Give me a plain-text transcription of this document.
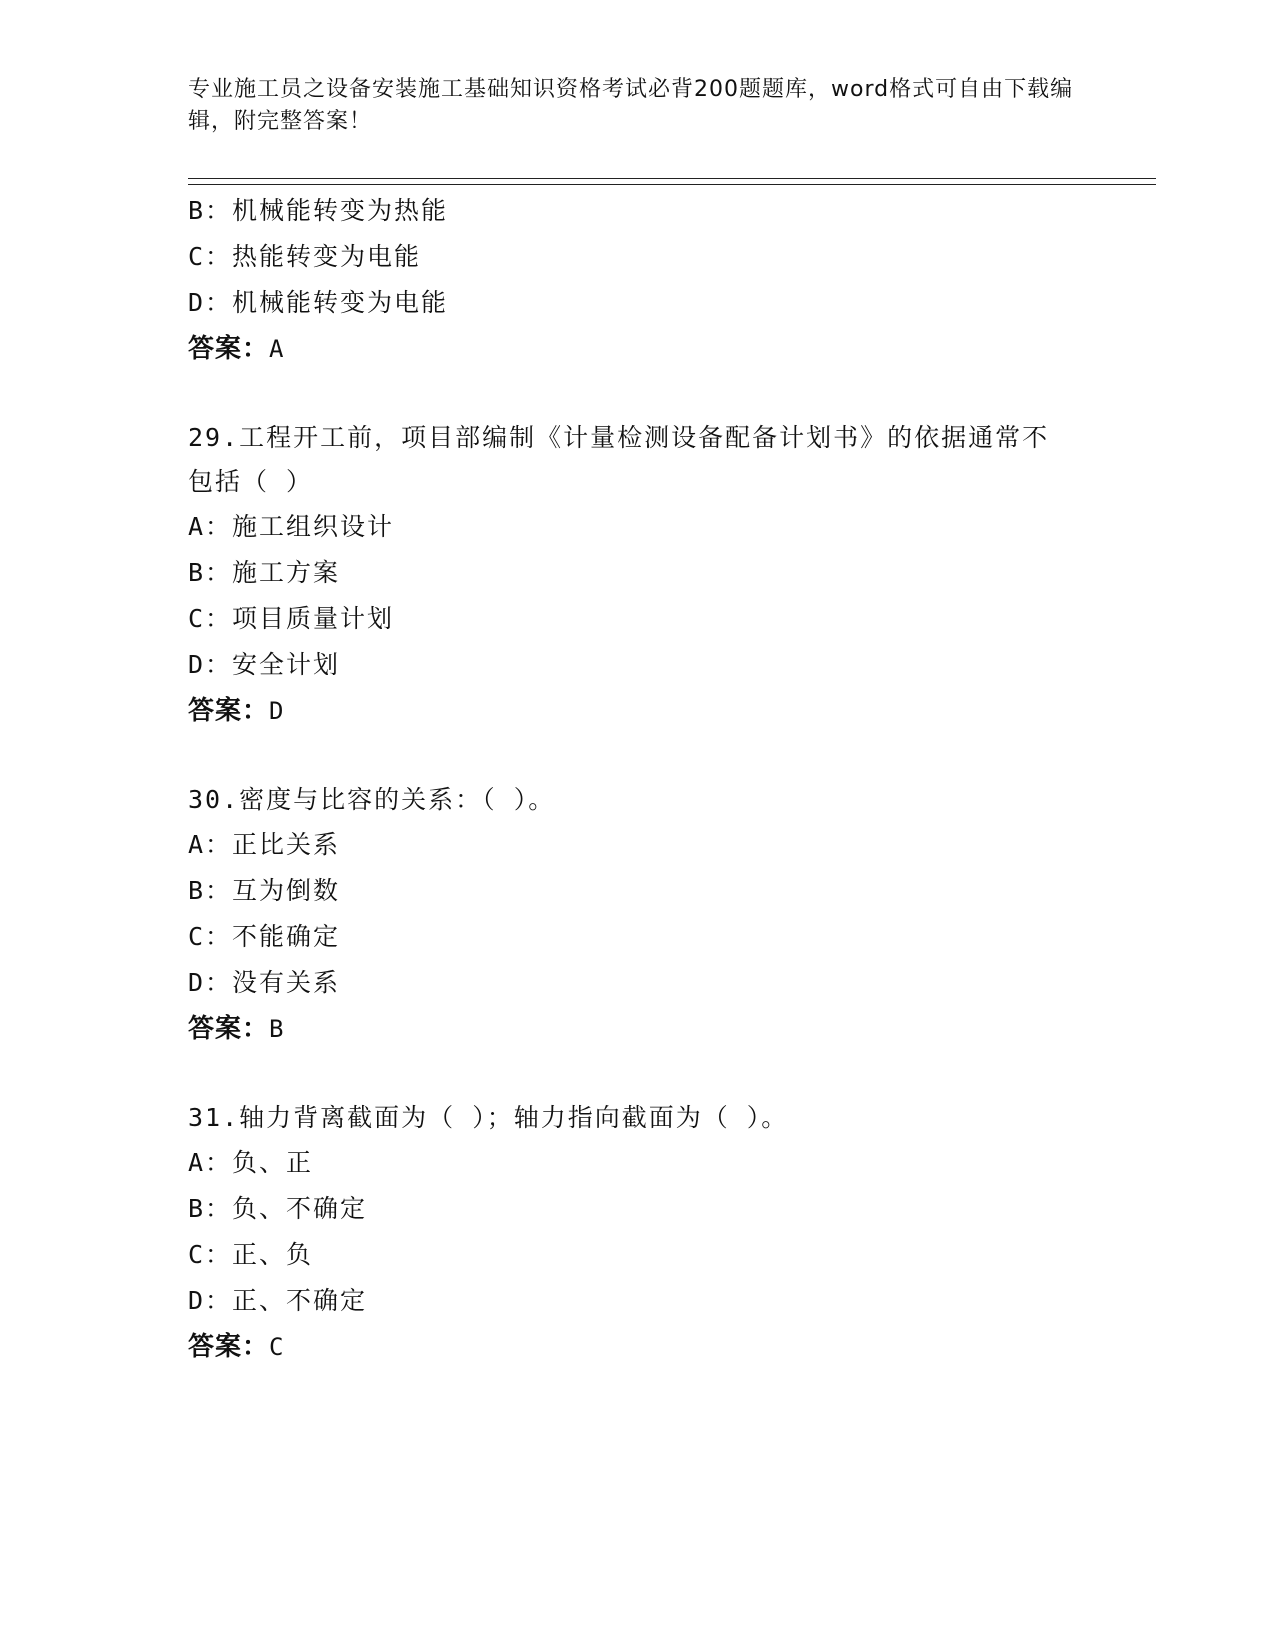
专业施工员之设备安装施工基础知识资格考试必背200题题库，word格式可自由下载编辑，附完整答案！
B：机械能转变为热能
C：热能转变为电能
D：机械能转变为电能
答案：A
29.工程开工前，项目部编制《计量检测设备配备计划书》的依据通常不包括（ ）
A：施工组织设计
B：施工方案
C：项目质量计划
D：安全计划
答案：D
30.密度与比容的关系：（ ）。
A：正比关系
B：互为倒数
C：不能确定
D：没有关系
答案：B
31.轴力背离截面为（ ）；轴力指向截面为（ ）。
A：负、正
B：负、不确定
C：正、负
D：正、不确定
答案：C
